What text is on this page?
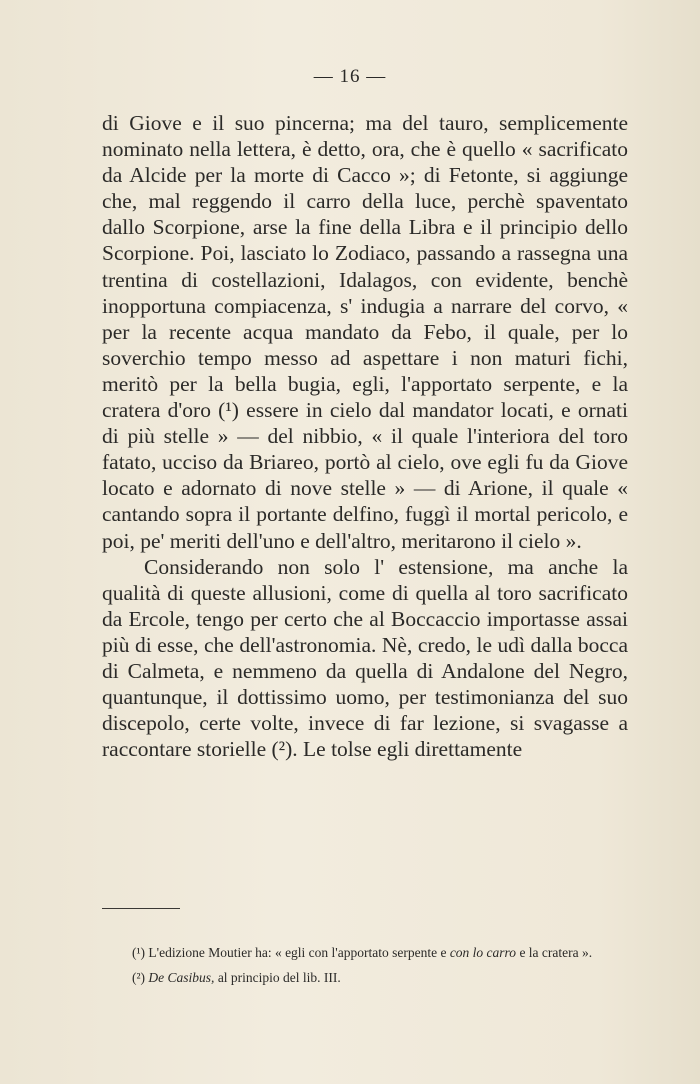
— 16 —

di Giove e il suo pincerna; ma del tauro, semplicemente nominato nella lettera, è detto, ora, che è quello « sacrificato da Alcide per la morte di Cacco »; di Fetonte, si aggiunge che, mal reggendo il carro della luce, perchè spaventato dallo Scorpione, arse la fine della Libra e il principio dello Scorpione. Poi, lasciato lo Zodiaco, passando a rassegna una trentina di costellazioni, Idalagos, con evidente, benchè inopportuna compiacenza, s' indugia a narrare del corvo, « per la recente acqua mandato da Febo, il quale, per lo soverchio tempo messo ad aspettare i non maturi fichi, meritò per la bella bugia, egli, l'apportato serpente, e la cratera d'oro (¹) essere in cielo dal mandator locati, e ornati di più stelle » — del nibbio, « il quale l'interiora del toro fatato, ucciso da Briareo, portò al cielo, ove egli fu da Giove locato e adornato di nove stelle » — di Arione, il quale « cantando sopra il portante delfino, fuggì il mortal pericolo, e poi, pe' meriti dell'uno e dell'altro, meritarono il cielo ».

Considerando non solo l' estensione, ma anche la qualità di queste allusioni, come di quella al toro sacrificato da Ercole, tengo per certo che al Boccaccio importasse assai più di esse, che dell'astronomia. Nè, credo, le udì dalla bocca di Calmeta, e nemmeno da quella di Andalone del Negro, quantunque, il dottissimo uomo, per testimonianza del suo discepolo, certe volte, invece di far lezione, si svagasse a raccontare storielle (²). Le tolse egli direttamente

(¹) L'edizione Moutier ha: « egli con l'apportato serpente e con lo carro e la cratera ».

(²) De Casibus, al principio del lib. III.
